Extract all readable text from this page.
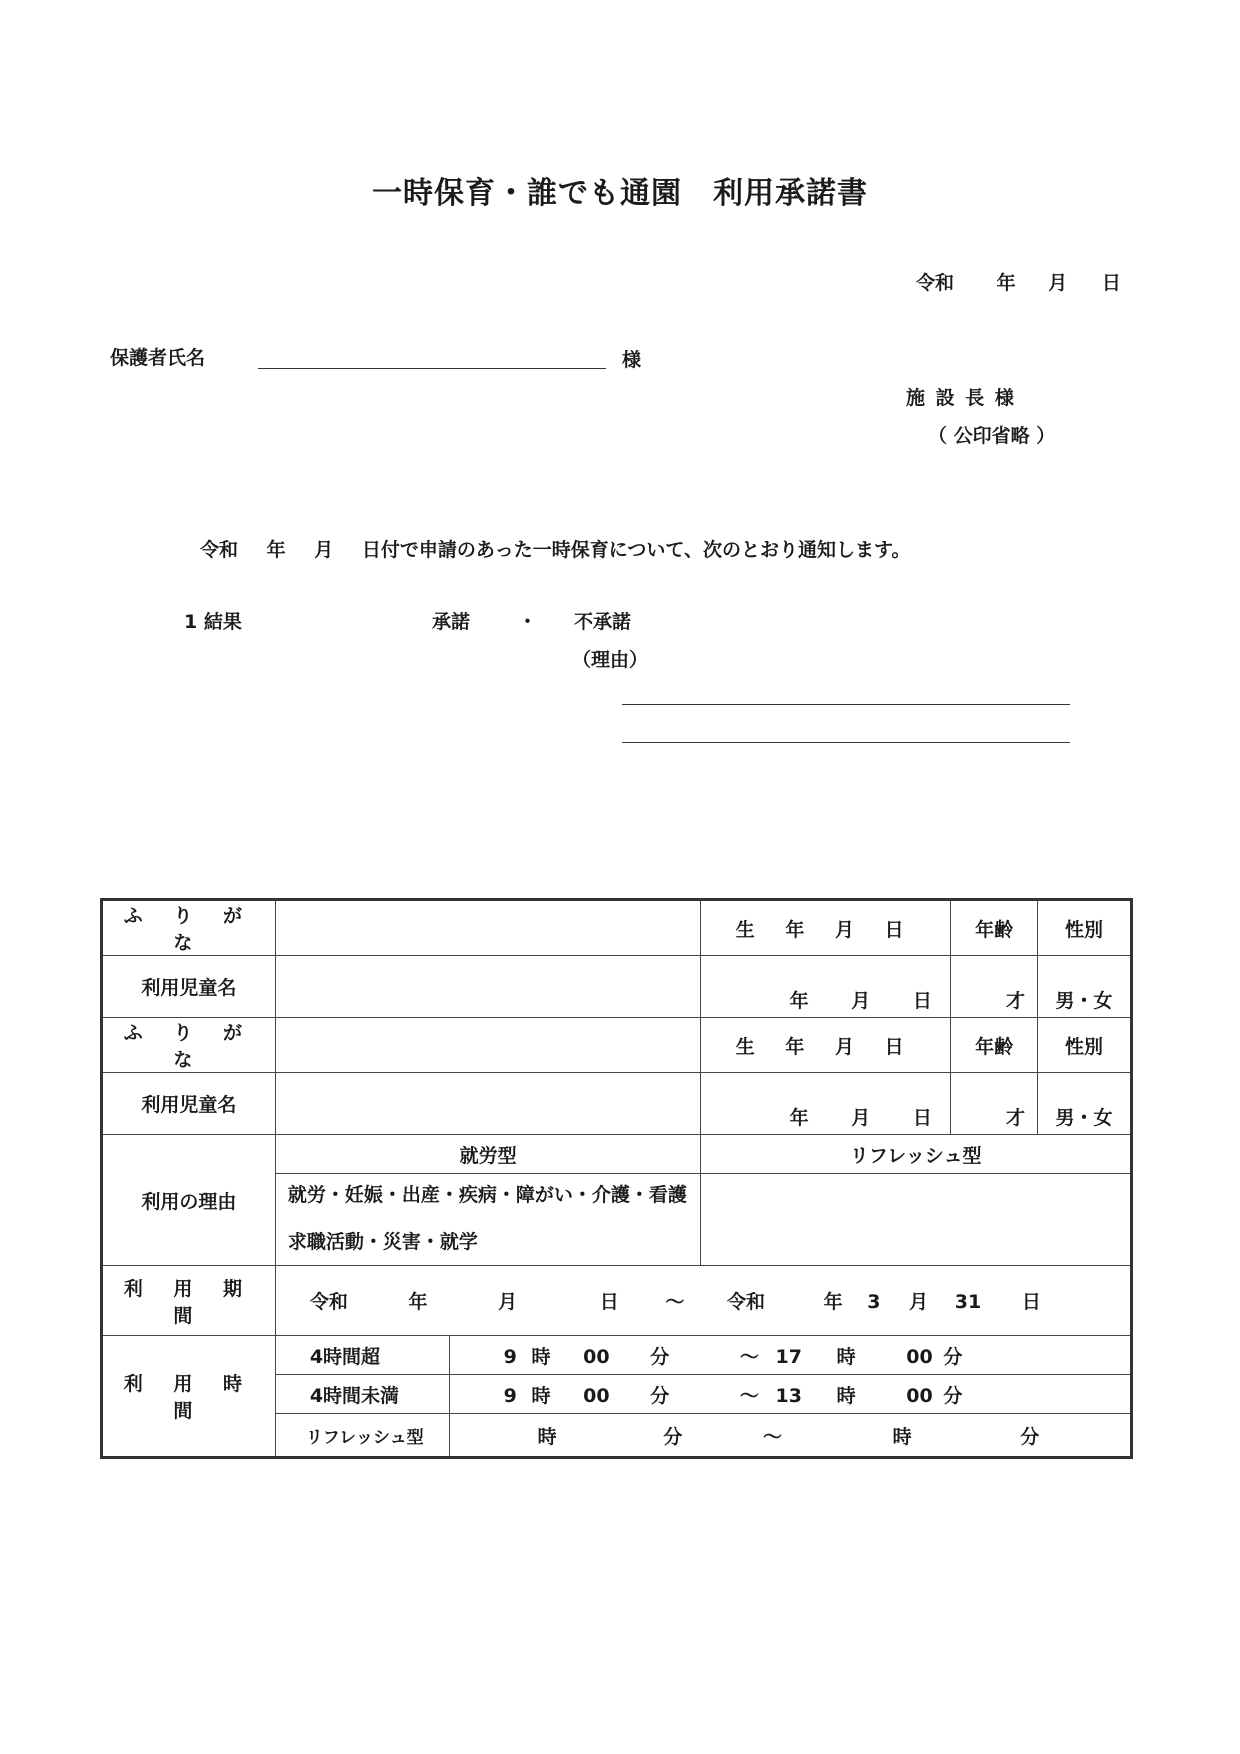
一時保育・誰でも通園　利用承諾書
令和 年 月 日
保護者氏名	様
施 設 長 様
（ 公印省略 ）
令和 年 月 日付で申請のあった一時保育について、次のとおり通知します。
1 結果	承諾	・ 不承諾
（理由）
ふ り が な			生 年 月 日	年齢	性別
利用児童名			年 月 日	才	男・女
ふ り が な			生 年 月 日	年齢	性別
利用児童名			年 月 日	才	男・女
利用の理由	就労型		リフレッシュ型		

	就労・妊娠・出産・疾病・障がい・介護・看護
求職活動・災害・就学				

利 用 期 間	令和 年 月 日 ～ 令和 年 3 月 31 日				
利 用 時 間	4時間超	9 時 00 分 ～ 17 時 00 分			
	4時間未満	9 時 00 分 ～ 13 時 00 分			
	リフレッシュ型	時 分 ～ 時 分			
